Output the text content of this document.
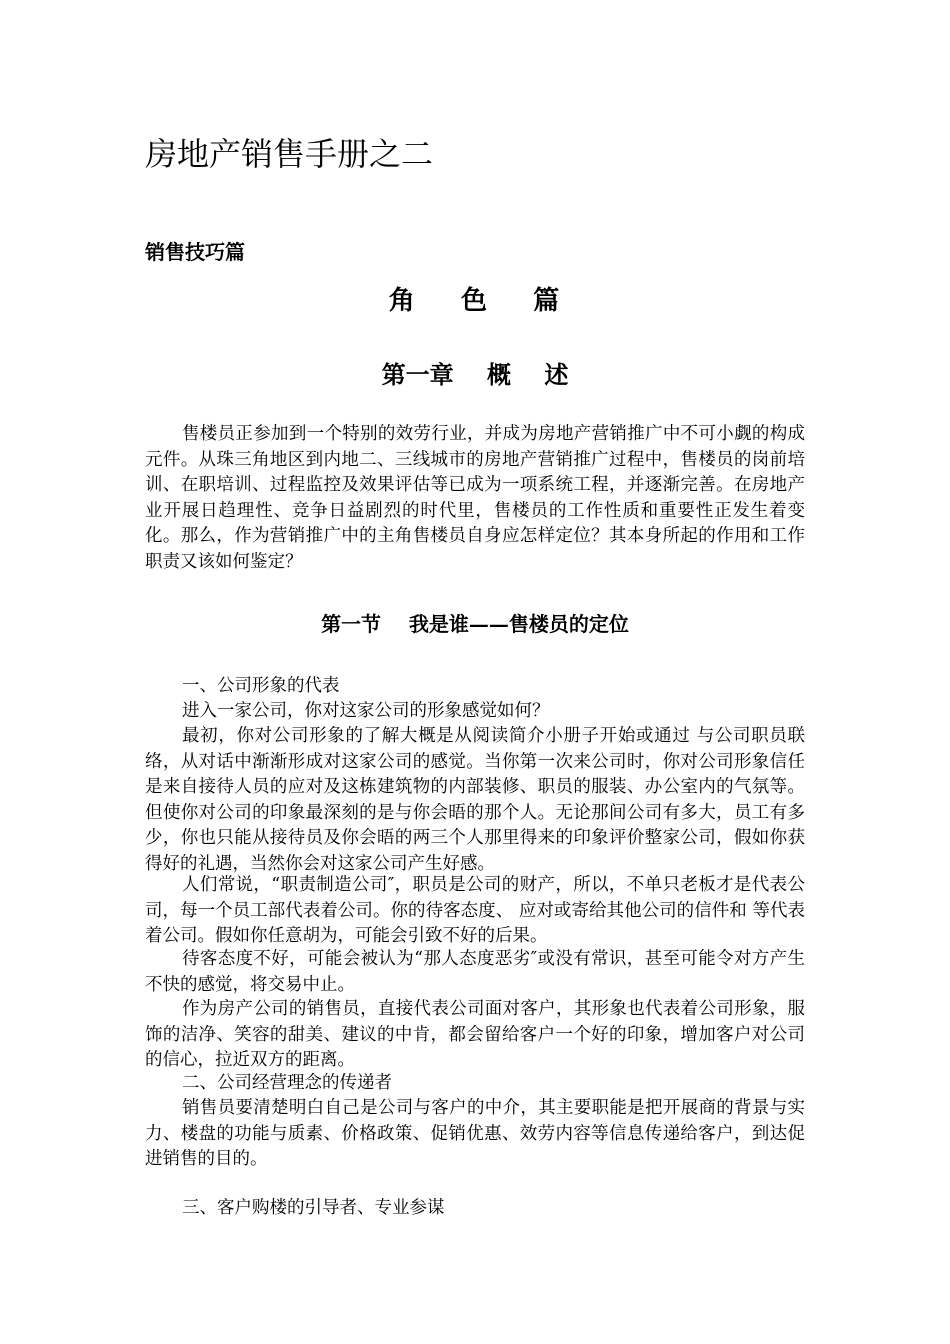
房地产销售手册之二
销售技巧篇
角    色    篇
第一章    概    述

售楼员正参加到一个特别的效劳行业，并成为房地产营销推广中不可小觑的构成元件。从珠三角地区到内地二、三线城市的房地产营销推广过程中，售楼员的岗前培训、在职培训、过程监控及效果评估等已成为一项系统工程，并逐渐完善。在房地产业开展日趋理性、竞争日益剧烈的时代里，售楼员的工作性质和重要性正发生着变化。那么，作为营销推广中的主角售楼员自身应怎样定位？其本身所起的作用和工作职责又该如何鉴定？

第一节    我是谁——售楼员的定位

一、公司形象的代表

进入一家公司，你对这家公司的形象感觉如何？

最初，你对公司形象的了解大概是从阅读简介小册子开始或通过 与公司职员联络，从对话中渐渐形成对这家公司的感觉。当你第一次来公司时，你对公司形象信任是来自接待人员的应对及这栋建筑物的内部装修、职员的服装、办公室内的气氛等。但使你对公司的印象最深刻的是与你会晤的那个人。无论那间公司有多大，员工有多少，你也只能从接待员及你会晤的两三个人那里得来的印象评价整家公司，假如你获得好的礼遇，当然你会对这家公司产生好感。

人们常说，“职责制造公司″，职员是公司的财产，所以，不单只老板才是代表公司，每一个员工部代表着公司。你的待客态度、 应对或寄给其他公司的信件和 等代表着公司。假如你任意胡为，可能会引致不好的后果。

待客态度不好，可能会被认为“那人态度恶劣″或没有常识，甚至可能令对方产生不快的感觉，将交易中止。

作为房产公司的销售员，直接代表公司面对客户，其形象也代表着公司形象，服饰的洁净、笑容的甜美、建议的中肯，都会留给客户一个好的印象，增加客户对公司的信心，拉近双方的距离。

二、公司经营理念的传递者

销售员要清楚明白自己是公司与客户的中介，其主要职能是把开展商的背景与实力、楼盘的功能与质素、价格政策、促销优惠、效劳内容等信息传递给客户，到达促进销售的目的。

三、客户购楼的引导者、专业参谋
